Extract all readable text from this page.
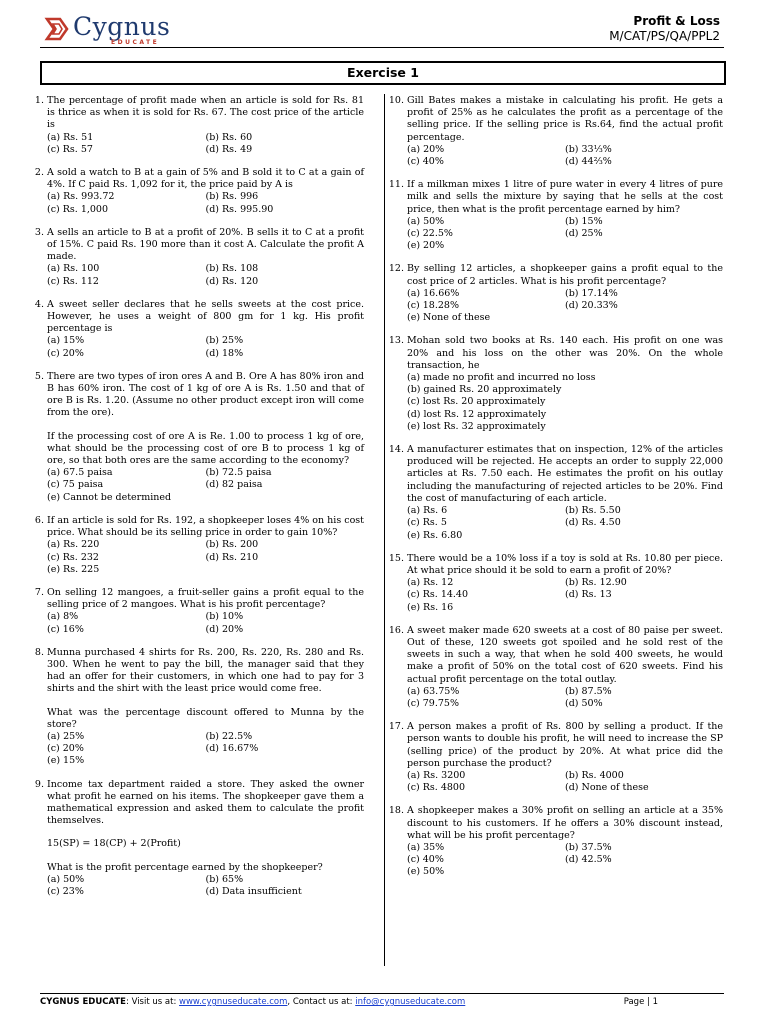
Cygnus
EDUCATE
Profit & Loss
M/CAT/PS/QA/PPL2
Exercise 1
1. The percentage of profit made when an article is sold for Rs. 81 is thrice as when it is sold for Rs. 67. The cost price of the article is
(a) Rs. 51	(b) Rs. 60
(c) Rs. 57	(d) Rs. 49
2. A sold a watch to B at a gain of 5% and B sold it to C at a gain of 4%. If C paid Rs. 1,092 for it, the price paid by A is
(a) Rs. 993.72	(b) Rs. 996
(c) Rs. 1,000	(d) Rs. 995.90
3. A sells an article to B at a profit of 20%. B sells it to C at a profit of 15%. C paid Rs. 190 more than it cost A. Calculate the profit A made.
(a) Rs. 100	(b) Rs. 108
(c) Rs. 112	(d) Rs. 120
4. A sweet seller declares that he sells sweets at the cost price. However, he uses a weight of 800 gm for 1 kg. His profit percentage is
(a) 15%	(b) 25%
(c) 20%	(d) 18%
5. There are two types of iron ores A and B. Ore A has 80% iron and B has 60% iron. The cost of 1 kg of ore A is Rs. 1.50 and that of ore B is Rs. 1.20. (Assume no other product except iron will come from the ore).
If the processing cost of ore A is Re. 1.00 to process 1 kg of ore, what should be the processing cost of ore B to process 1 kg of ore, so that both ores are the same according to the economy?
(a) 67.5 paisa	(b) 72.5 paisa
(c) 75 paisa	(d) 82 paisa
(e) Cannot be determined
6. If an article is sold for Rs. 192, a shopkeeper loses 4% on his cost price. What should be its selling price in order to gain 10%?
(a) Rs. 220	(b) Rs. 200
(c) Rs. 232	(d) Rs. 210
(e) Rs. 225
7. On selling 12 mangoes, a fruit-seller gains a profit equal to the selling price of 2 mangoes. What is his profit percentage?
(a) 8%	(b) 10%
(c) 16%	(d) 20%
8. Munna purchased 4 shirts for Rs. 200, Rs. 220, Rs. 280 and Rs. 300. When he went to pay the bill, the manager said that they had an offer for their customers, in which one had to pay for 3 shirts and the shirt with the least price would come free.
What was the percentage discount offered to Munna by the store?
(a) 25%	(b) 22.5%
(c) 20%	(d) 16.67%
(e) 15%
9. Income tax department raided a store. They asked the owner what profit he earned on his items. The shopkeeper gave them a mathematical expression and asked them to calculate the profit themselves.
15(SP) = 18(CP) + 2(Profit)
What is the profit percentage earned by the shopkeeper?
(a) 50%	(b) 65%
(c) 23%	(d) Data insufficient
10. Gill Bates makes a mistake in calculating his profit. He gets a profit of 25% as he calculates the profit as a percentage of the selling price. If the selling price is Rs.64, find the actual profit percentage.
(a) 20%	(b) 33⅓%
(c) 40%	(d) 44⅔%
11. If a milkman mixes 1 litre of pure water in every 4 litres of pure milk and sells the mixture by saying that he sells at the cost price, then what is the profit percentage earned by him?
(a) 50%	(b) 15%
(c) 22.5%	(d) 25%
(e) 20%
12. By selling 12 articles, a shopkeeper gains a profit equal to the cost price of 2 articles. What is his profit percentage?
(a) 16.66%	(b) 17.14%
(c) 18.28%	(d) 20.33%
(e) None of these
13. Mohan sold two books at Rs. 140 each. His profit on one was 20% and his loss on the other was 20%. On the whole transaction, he
(a) made no profit and incurred no loss
(b) gained Rs. 20 approximately
(c) lost Rs. 20 approximately
(d) lost Rs. 12 approximately
(e) lost Rs. 32 approximately
14. A manufacturer estimates that on inspection, 12% of the articles produced will be rejected. He accepts an order to supply 22,000 articles at Rs. 7.50 each. He estimates the profit on his outlay including the manufacturing of rejected articles to be 20%. Find the cost of manufacturing of each article.
(a) Rs. 6	(b) Rs. 5.50
(c) Rs. 5	(d) Rs. 4.50
(e) Rs. 6.80
15. There would be a 10% loss if a toy is sold at Rs. 10.80 per piece. At what price should it be sold to earn a profit of 20%?
(a) Rs. 12	(b) Rs. 12.90
(c) Rs. 14.40	(d) Rs. 13
(e) Rs. 16
16. A sweet maker made 620 sweets at a cost of 80 paise per sweet. Out of these, 120 sweets got spoiled and he sold rest of the sweets in such a way, that when he sold 400 sweets, he would make a profit of 50% on the total cost of 620 sweets. Find his actual profit percentage on the total outlay.
(a) 63.75%	(b) 87.5%
(c) 79.75%	(d) 50%
17. A person makes a profit of Rs. 800 by selling a product. If the person wants to double his profit, he will need to increase the SP (selling price) of the product by 20%. At what price did the person purchase the product?
(a) Rs. 3200	(b) Rs. 4000
(c) Rs. 4800	(d) None of these
18. A shopkeeper makes a 30% profit on selling an article at a 35% discount to his customers. If he offers a 30% discount instead, what will be his profit percentage?
(a) 35%	(b) 37.5%
(c) 40%	(d) 42.5%
(e) 50%
CYGNUS EDUCATE: Visit us at: www.cygnuseducate.com, Contact us at: info@cygnuseducate.com	Page | 1
